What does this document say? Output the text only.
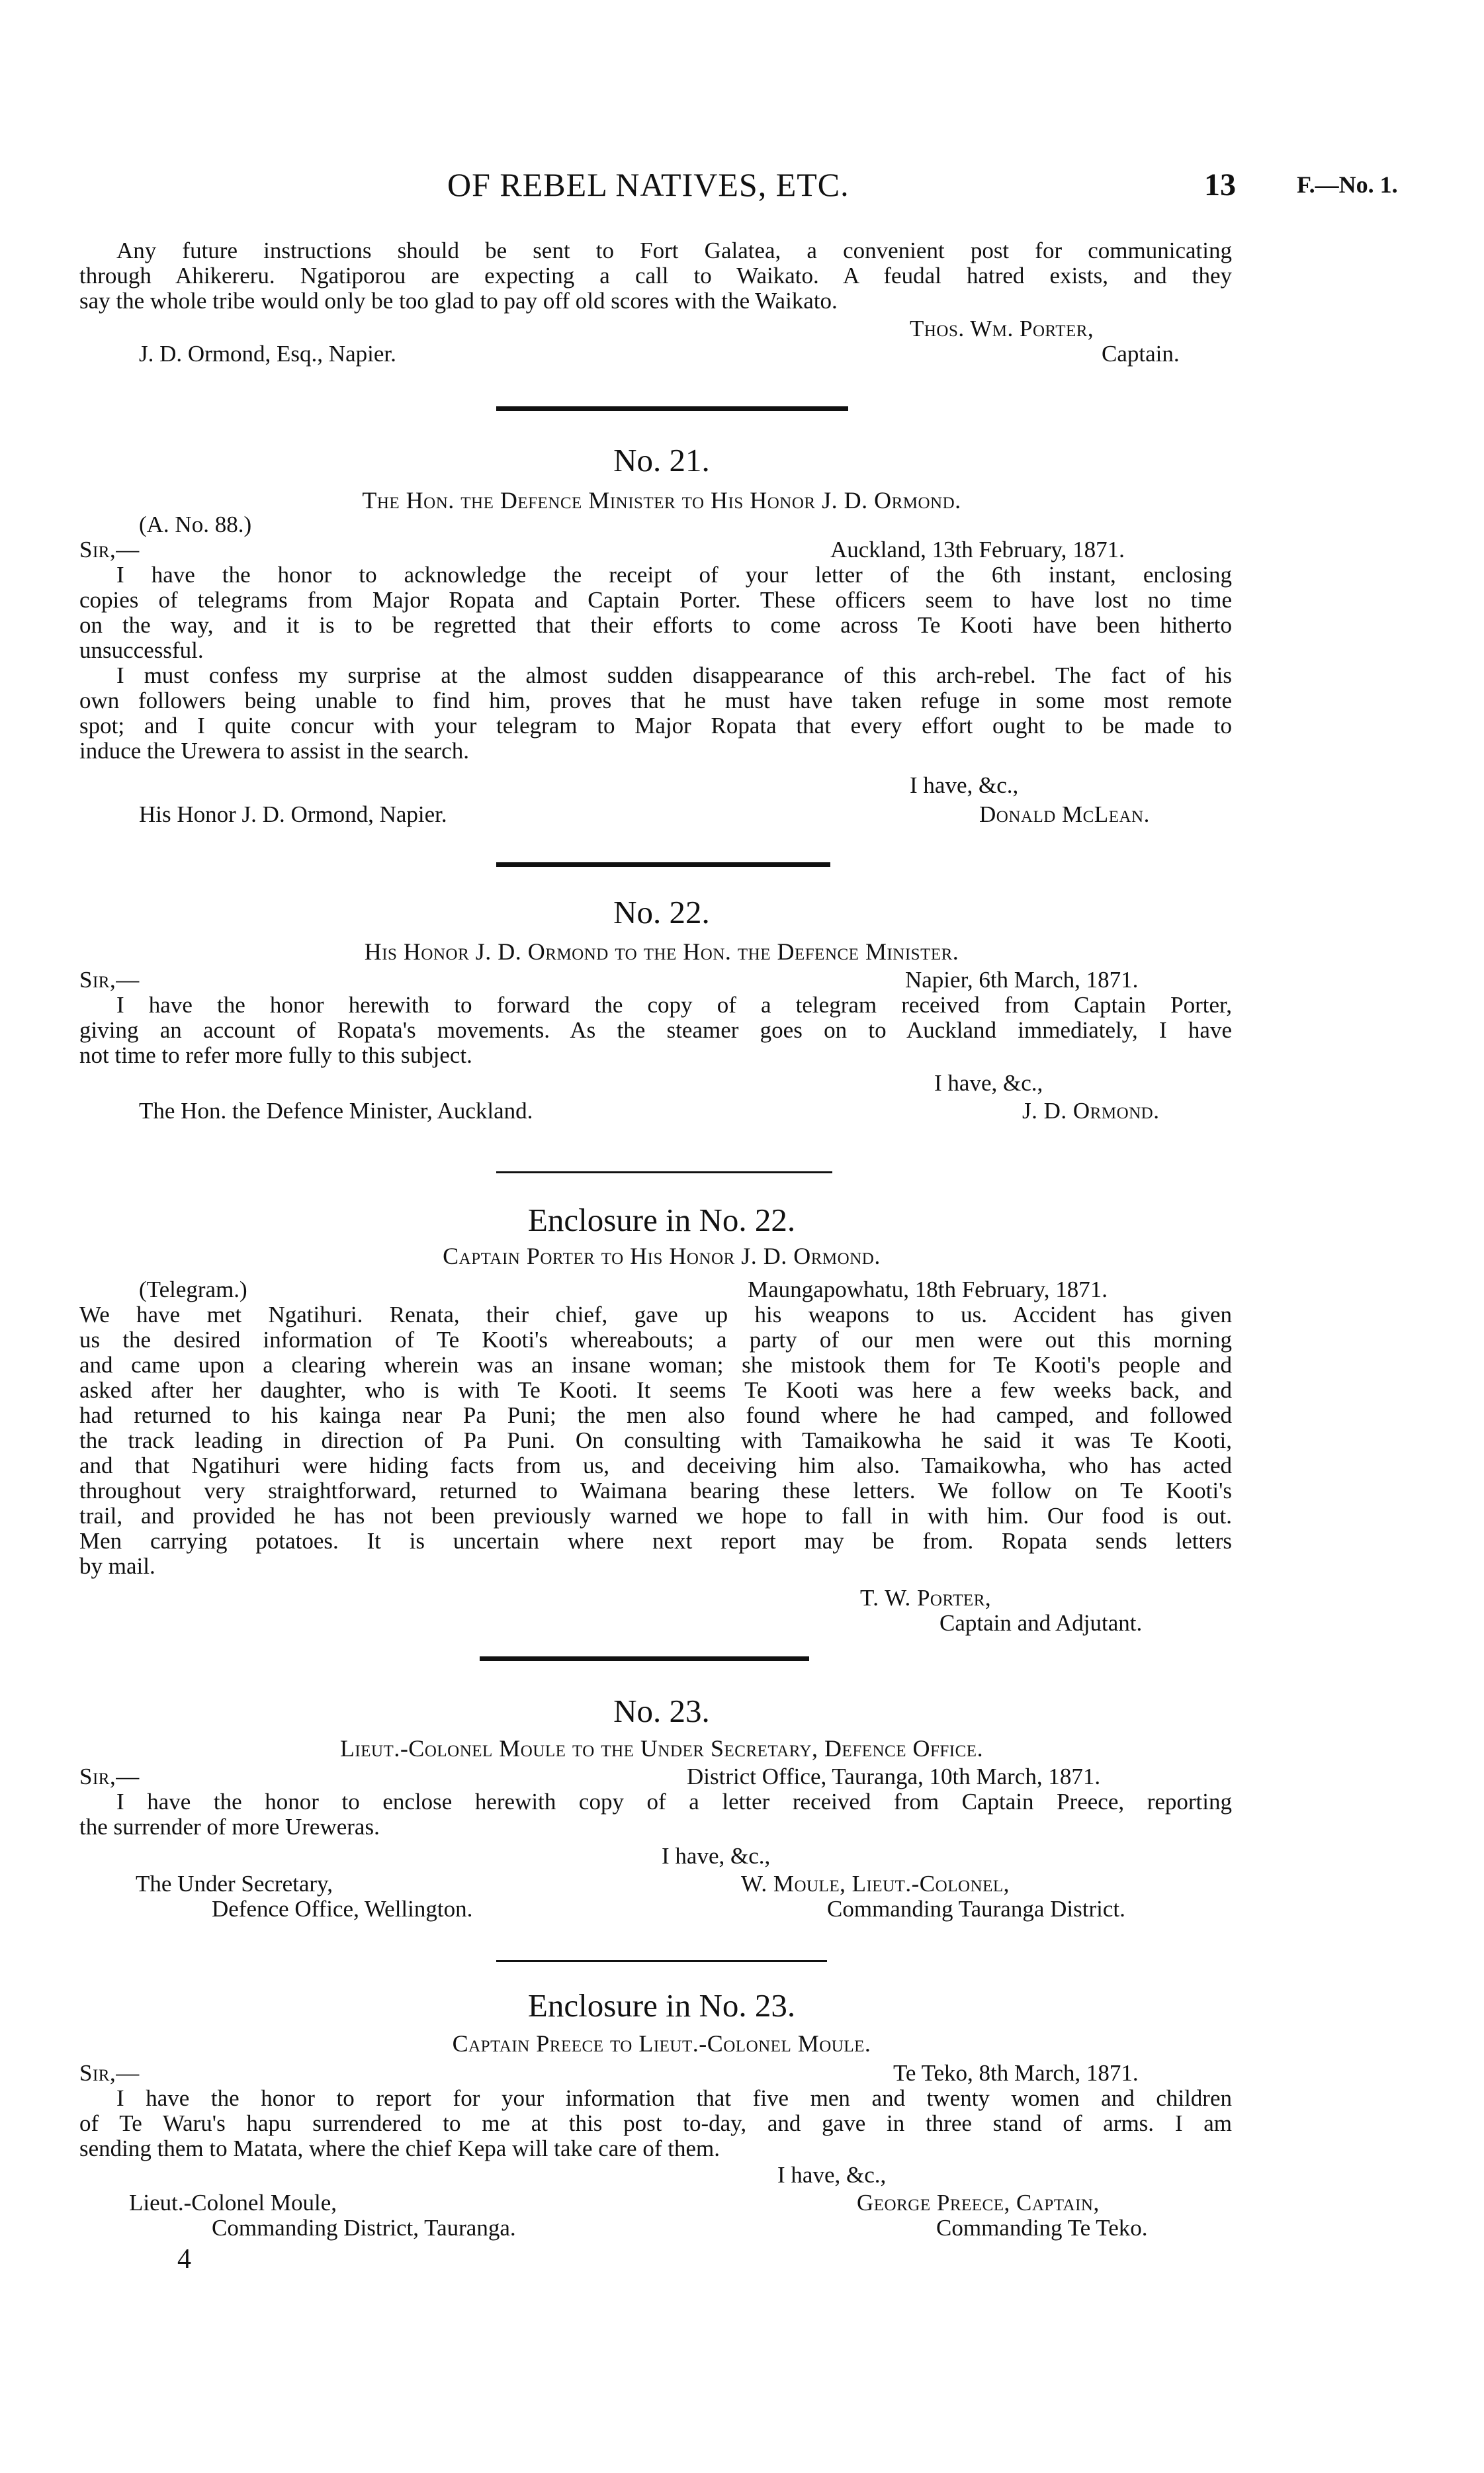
OF REBEL NATIVES, ETC.	13	F.—No. 1.
Any future instructions should be sent to Fort Galatea, a convenient post for communicating
through Ahikereru. Ngatiporou are expecting a call to Waikato. A feudal hatred exists, and they
say the whole tribe would only be too glad to pay off old scores with the Waikato.
Thos. Wm. Porter,
J. D. Ormond, Esq., Napier.	Captain.
No. 21.
The Hon. the Defence Minister to His Honor J. D. Ormond.
(A. No. 88.)
Sir,—	Auckland, 13th February, 1871.
I have the honor to acknowledge the receipt of your letter of the 6th instant, enclosing
copies of telegrams from Major Ropata and Captain Porter. These officers seem to have lost no time
on the way, and it is to be regretted that their efforts to come across Te Kooti have been hitherto
unsuccessful.
I must confess my surprise at the almost sudden disappearance of this arch-rebel. The fact of his
own followers being unable to find him, proves that he must have taken refuge in some most remote
spot; and I quite concur with your telegram to Major Ropata that every effort ought to be made to
induce the Urewera to assist in the search.
I have, &c.,
His Honor J. D. Ormond, Napier.	Donald McLean.
No. 22.
His Honor J. D. Ormond to the Hon. the Defence Minister.
Sir,—	Napier, 6th March, 1871.
I have the honor herewith to forward the copy of a telegram received from Captain Porter,
giving an account of Ropata's movements. As the steamer goes on to Auckland immediately, I have
not time to refer more fully to this subject.
I have, &c.,
The Hon. the Defence Minister, Auckland.	J. D. Ormond.
Enclosure in No. 22.
Captain Porter to His Honor J. D. Ormond.
(Telegram.)	Maungapowhatu, 18th February, 1871.
We have met Ngatihuri. Renata, their chief, gave up his weapons to us. Accident has given
us the desired information of Te Kooti's whereabouts; a party of our men were out this morning
and came upon a clearing wherein was an insane woman; she mistook them for Te Kooti's people and
asked after her daughter, who is with Te Kooti. It seems Te Kooti was here a few weeks back, and
had returned to his kainga near Pa Puni; the men also found where he had camped, and followed
the track leading in direction of Pa Puni. On consulting with Tamaikowha he said it was Te Kooti,
and that Ngatihuri were hiding facts from us, and deceiving him also. Tamaikowha, who has acted
throughout very straightforward, returned to Waimana bearing these letters. We follow on Te Kooti's
trail, and provided he has not been previously warned we hope to fall in with him. Our food is out.
Men carrying potatoes. It is uncertain where next report may be from. Ropata sends letters
by mail.
T. W. Porter,
Captain and Adjutant.
No. 23.
Lieut.-Colonel Moule to the Under Secretary, Defence Office.
Sir,—	District Office, Tauranga, 10th March, 1871.
I have the honor to enclose herewith copy of a letter received from Captain Preece, reporting
the surrender of more Ureweras.
I have, &c.,
The Under Secretary,	W. Moule, Lieut.-Colonel,
Defence Office, Wellington.	Commanding Tauranga District.
Enclosure in No. 23.
Captain Preece to Lieut.-Colonel Moule.
Sir,—	Te Teko, 8th March, 1871.
I have the honor to report for your information that five men and twenty women and children
of Te Waru's hapu surrendered to me at this post to-day, and gave in three stand of arms. I am
sending them to Matata, where the chief Kepa will take care of them.
I have, &c.,
Lieut.-Colonel Moule,	George Preece, Captain,
Commanding District, Tauranga.	Commanding Te Teko.
4
